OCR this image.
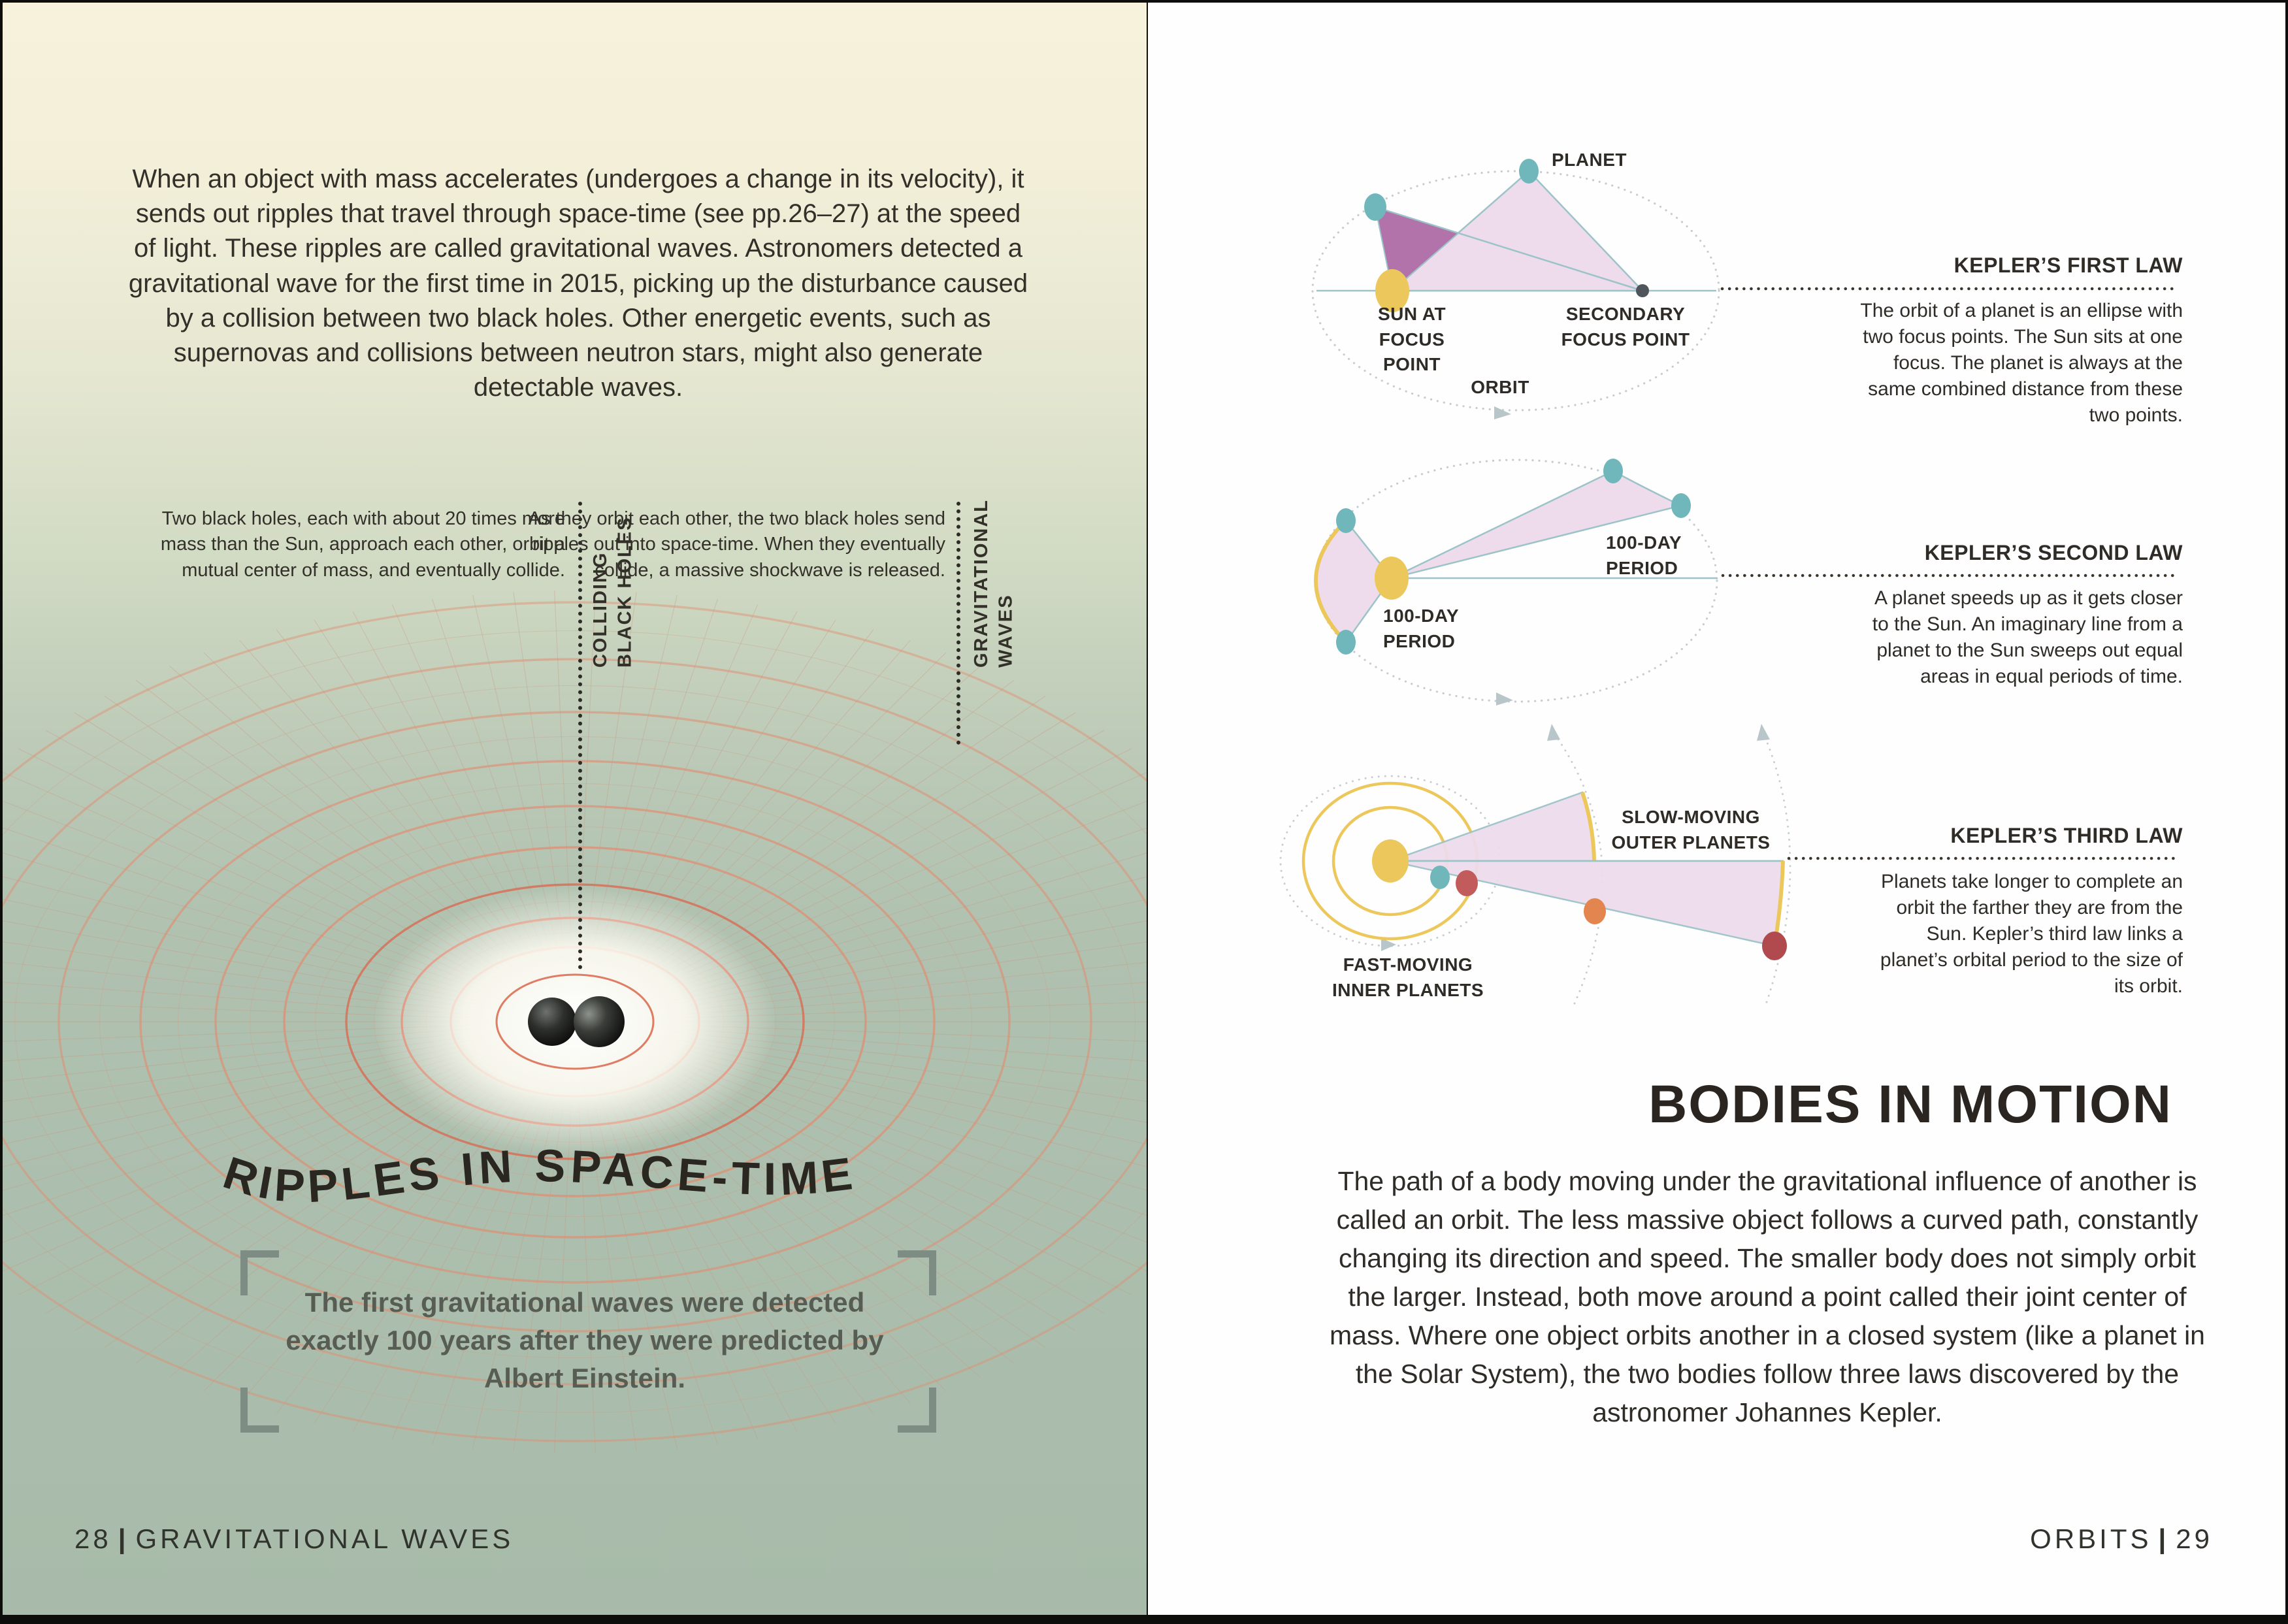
RIPPLES IN SPACE-TIME
When an object with mass accelerates (undergoes a change in its velocity), it sends out ripples that travel through space-time (see pp.26–27) at the speed of light. These ripples are called gravitational waves. Astronomers detected a gravitational wave for the first time in 2015, picking up the disturbance caused by a collision between two black holes. Other energetic events, such as supernovas and collisions between neutron stars, might also generate detectable waves.
Two black holes, each with about 20 times more mass than the Sun, approach each other, orbit a mutual center of mass, and eventually collide. COLLIDING BLACK HOLES
As they orbit each other, the two black holes send ripples out into space-time. When they eventually collide, a massive shockwave is released. GRAVITATIONAL WAVES
The first gravitational waves were detected exactly 100 years after they were predicted by Albert Einstein.
28 | GRAVITATIONAL WAVES
PLANET
SUN AT FOCUS
POINT
SECONDARY
FOCUS POINT
ORBIT
100-DAY
PERIOD
100-DAY
PERIOD
SLOW-MOVING
OUTER PLANETS
FAST-MOVING
INNER PLANETS
KEPLER’S FIRST LAW
The orbit of a planet is an ellipse with two focus points. The Sun sits at one focus. The planet is always at the same combined distance from these two points.
KEPLER’S SECOND LAW
A planet speeds up as it gets closer to the Sun. An imaginary line from a planet to the Sun sweeps out equal areas in equal periods of time.
KEPLER’S THIRD LAW
Planets take longer to complete an orbit the farther they are from the Sun. Kepler’s third law links a planet’s orbital period to the size of its orbit.
BODIES IN MOTION
The path of a body moving under the gravitational influence of another is called an orbit. The less massive object follows a curved path, constantly changing its direction and speed. The smaller body does not simply orbit the larger. Instead, both move around a point called their joint center of mass. Where one object orbits another in a closed system (like a planet in the Solar System), the two bodies follow three laws discovered by the astronomer Johannes Kepler.
ORBITS | 29
